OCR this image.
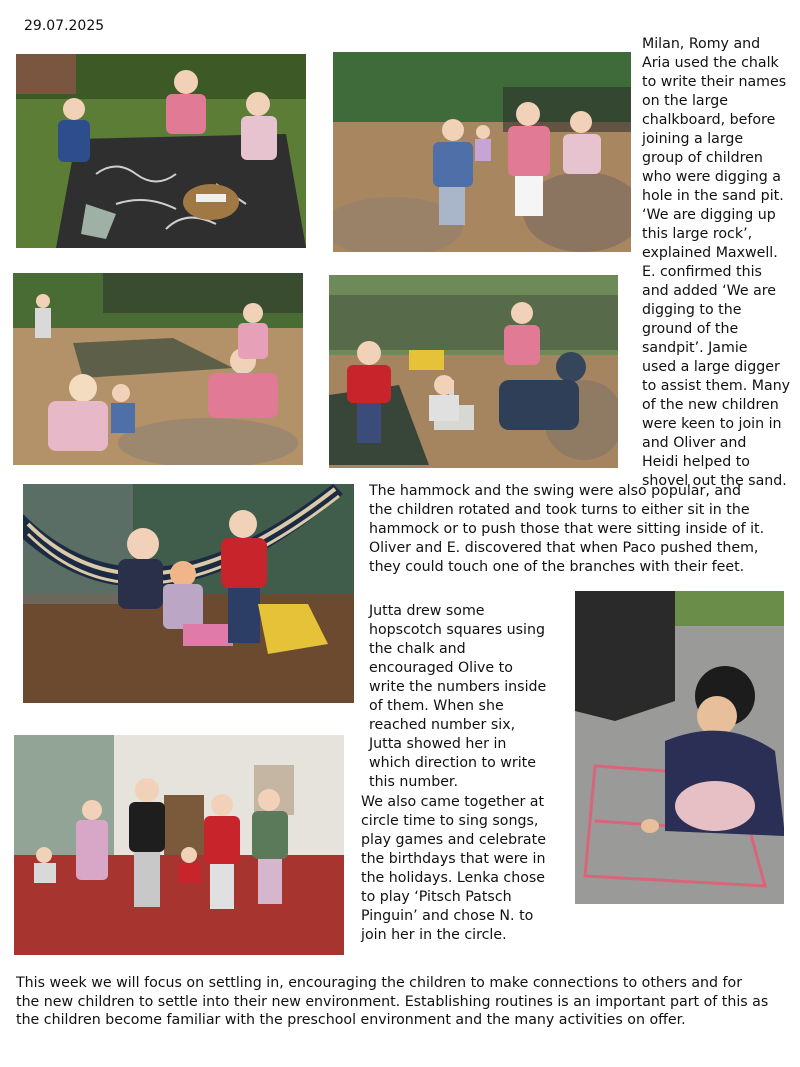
29.07.2025
Milan, Romy and
Aria used the chalk
to write their names
on the large
chalkboard, before
joining a large
group of children
who were digging a
hole in the sand pit.
‘We are digging up
this large rock’,
explained Maxwell.
E. confirmed this
and added ‘We are
digging to the
ground of the
sandpit’. Jamie
used a large digger
to assist them. Many
of the new children
were keen to join in
and Oliver and
Heidi helped to
shovel out the sand.
The hammock and the swing were also popular, and
the children rotated and took turns to either sit in the
hammock or to push those that were sitting inside of it.
Oliver and E. discovered that when Paco pushed them,
they could touch one of the branches with their feet.
Jutta drew some
hopscotch squares using
the chalk and
encouraged Olive to
write the numbers inside
of them. When she
reached number six,
Jutta showed her in
which direction to write
this number.
We also came together at
circle time to sing songs,
play games and celebrate
the birthdays that were in
the holidays. Lenka chose
to play ‘Pitsch Patsch
Pinguin’ and chose N. to
join her in the circle.
This week we will focus on settling in, encouraging the children to make connections to others and for
the new children to settle into their new environment. Establishing routines is an important part of this as
the children become familiar with the preschool environment and the many activities on offer.
